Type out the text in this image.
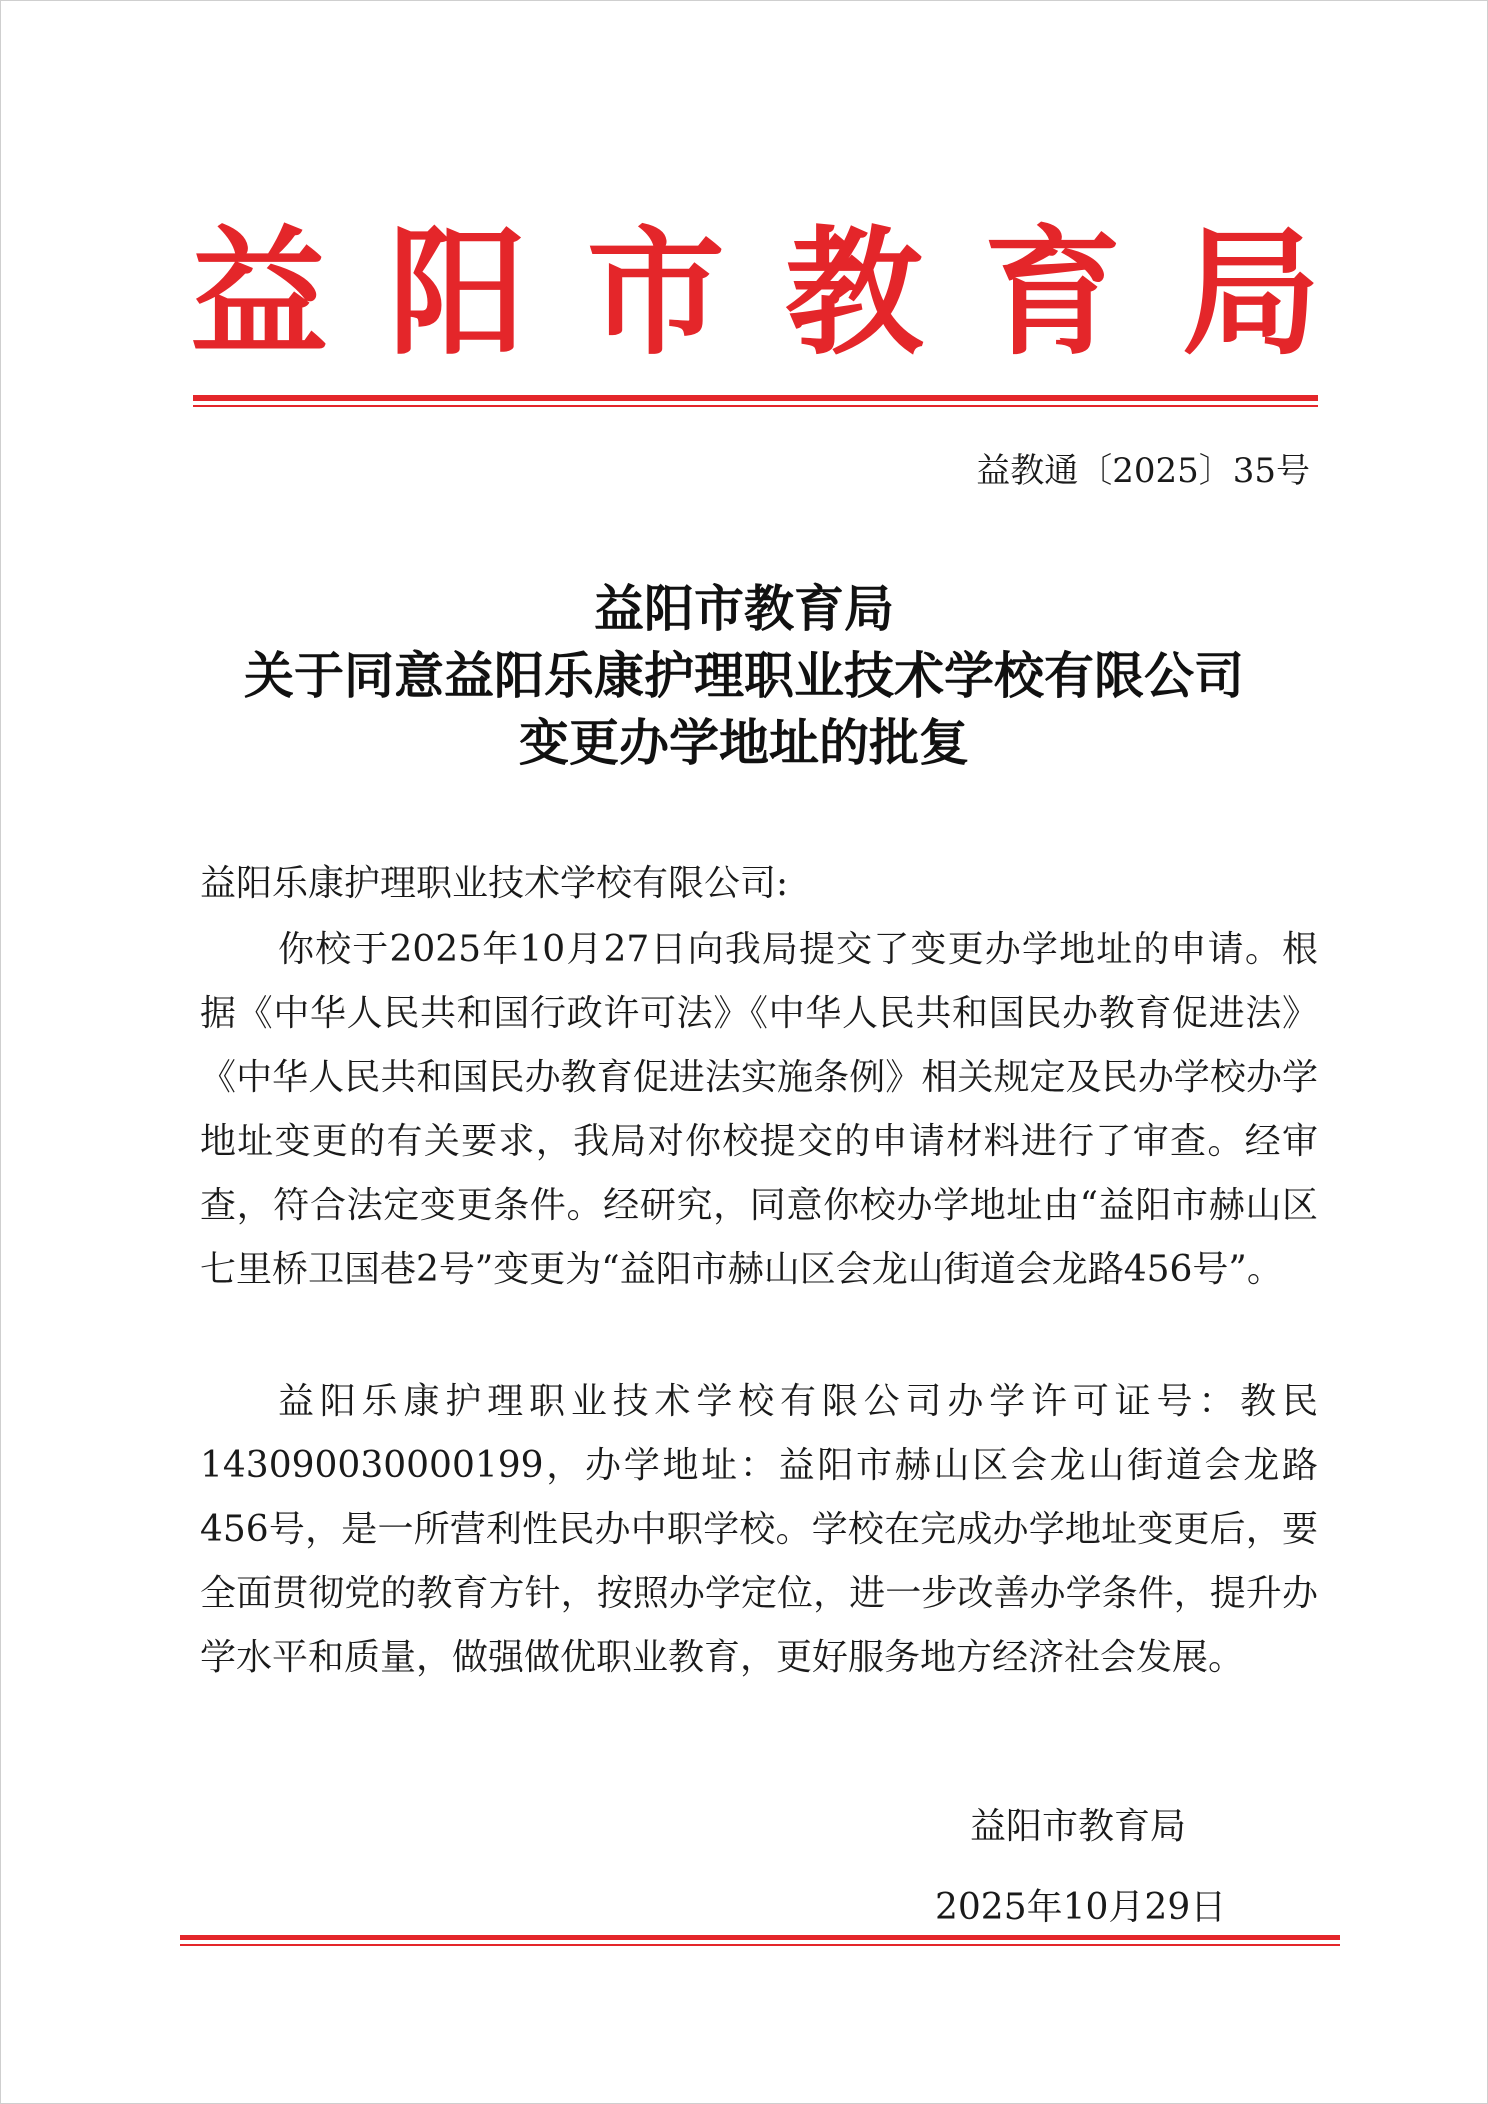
益 阳 市 教 育 局
益教通〔2025〕35号
益阳市教育局
关于同意益阳乐康护理职业技术学校有限公司
变更办学地址的批复
益阳乐康护理职业技术学校有限公司:
你校于2025年10月27日向我局提交了变更办学地址的申请。根据《中华人民共和国行政许可法》《中华人民共和国民办教育促进法》《中华人民共和国民办教育促进法实施条例》相关规定及民办学校办学地址变更的有关要求，我局对你校提交的申请材料进行了审查。经审查，符合法定变更条件。经研究，同意你校办学地址由“益阳市赫山区七里桥卫国巷2号”变更为“益阳市赫山区会龙山街道会龙路456号”。
益阳乐康护理职业技术学校有限公司办学许可证号：教民143090030000199，办学地址：益阳市赫山区会龙山街道会龙路456号，是一所营利性民办中职学校。学校在完成办学地址变更后，要全面贯彻党的教育方针，按照办学定位，进一步改善办学条件，提升办学水平和质量，做强做优职业教育，更好服务地方经济社会发展。
益阳市教育局
2025年10月29日
